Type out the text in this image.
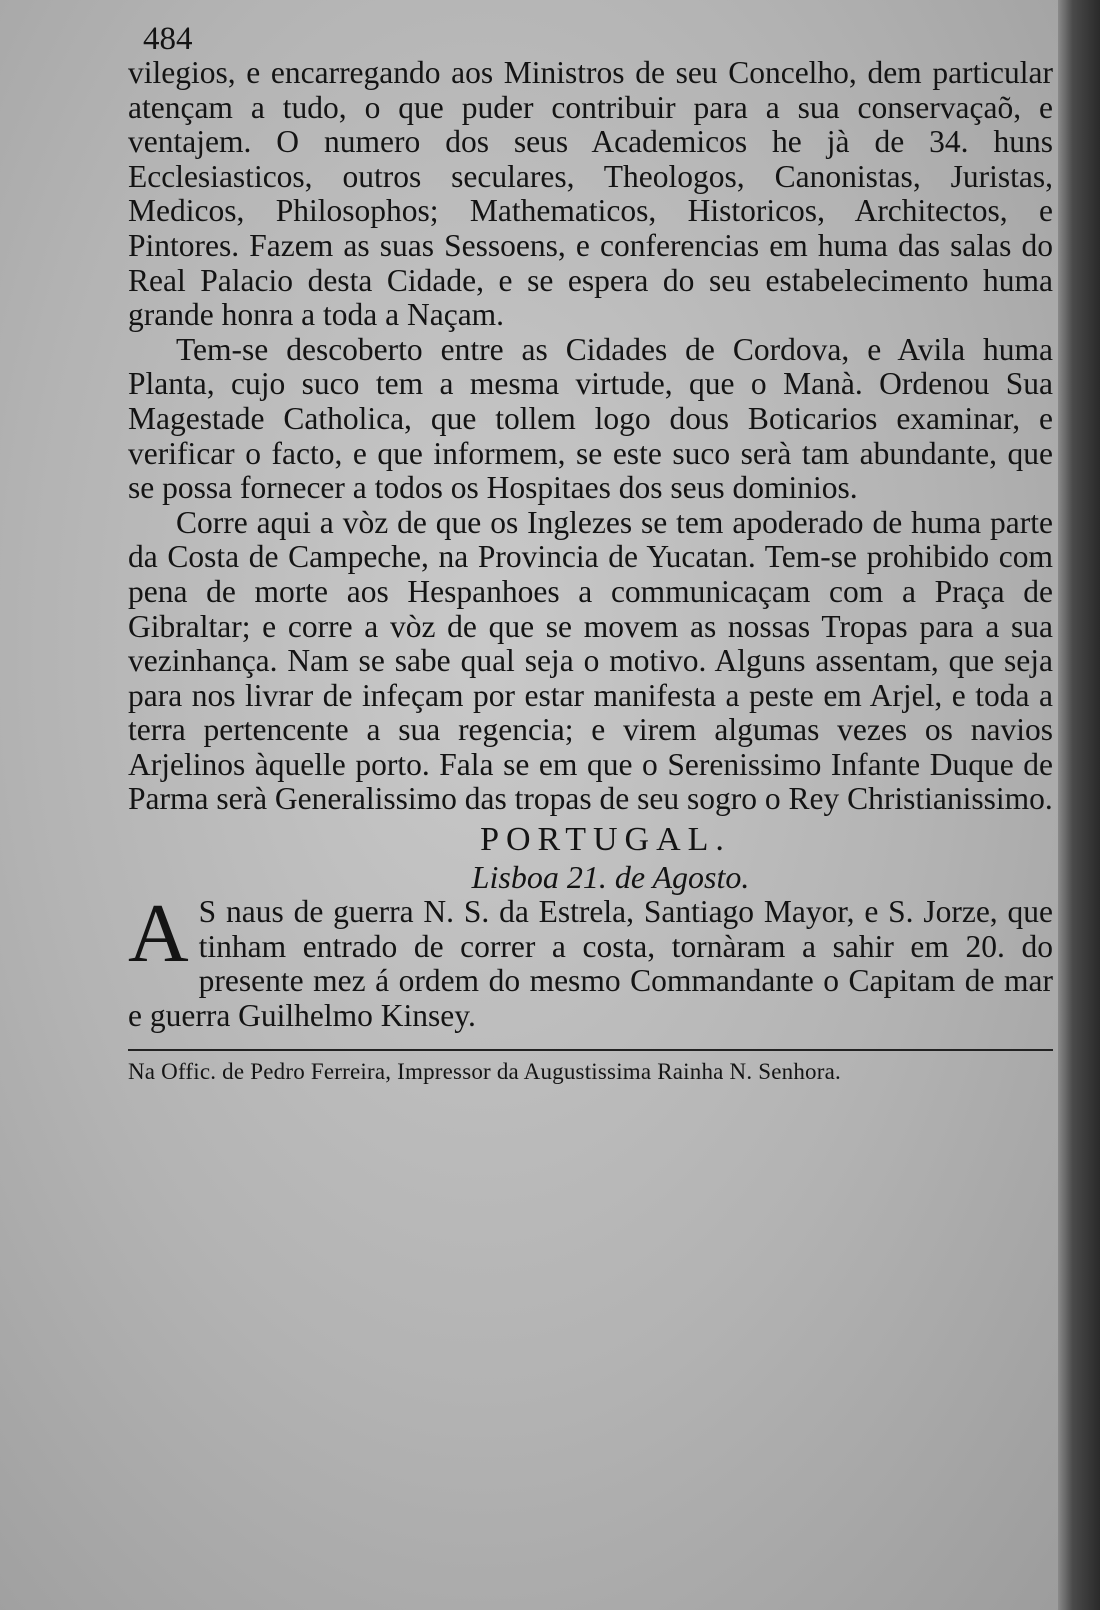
484

vilegios, e encarregando aos Ministros de seu Concelho, dem particular atençam a tudo, o que puder contribuir para a sua conservaçaõ, e ventajem. O numero dos seus Academicos he jà de 34. huns Ecclesiasticos, outros seculares, Theologos, Canonistas, Juristas, Medicos, Philosophos; Mathematicos, Historicos, Architectos, e Pintores. Fazem as suas Sessoens, e conferencias em huma das salas do Real Palacio desta Cidade, e se espera do seu estabelecimento huma grande honra a toda a Naçam.

Tem-se descoberto entre as Cidades de Cordova, e Avila huma Planta, cujo suco tem a mesma virtude, que o Manà. Ordenou Sua Magestade Catholica, que tollem logo dous Boticarios examinar, e verificar o facto, e que informem, se este suco serà tam abundante, que se possa fornecer a todos os Hospitaes dos seus dominios.

Corre aqui a vòz de que os Inglezes se tem apoderado de huma parte da Costa de Campeche, na Provincia de Yucatan. Tem-se prohibido com pena de morte aos Hespanhoes a communicaçam com a Praça de Gibraltar; e corre a vòz de que se movem as nossas Tropas para a sua vezinhança. Nam se sabe qual seja o motivo. Alguns assentam, que seja para nos livrar de infeçam por estar manifesta a peste em Arjel, e toda a terra pertencente a sua regencia; e virem algumas vezes os navios Arjelinos àquelle porto. Fala se em que o Serenissimo Infante Duque de Parma serà Generalissimo das tropas de seu sogro o Rey Christianissimo.

PORTUGAL.
Lisboa 21. de Agosto.
A S naus de guerra N. S. da Estrela, Santiago Mayor, e S. Jorze, que tinham entrado de correr a costa, tornàram a sahir em 20. do presente mez á ordem do mesmo Commandante o Capitam de mar e guerra Guilhelmo Kinsey.

Na Offic. de Pedro Ferreira, Impressor da Augustissima Rainha N. Senhora.
